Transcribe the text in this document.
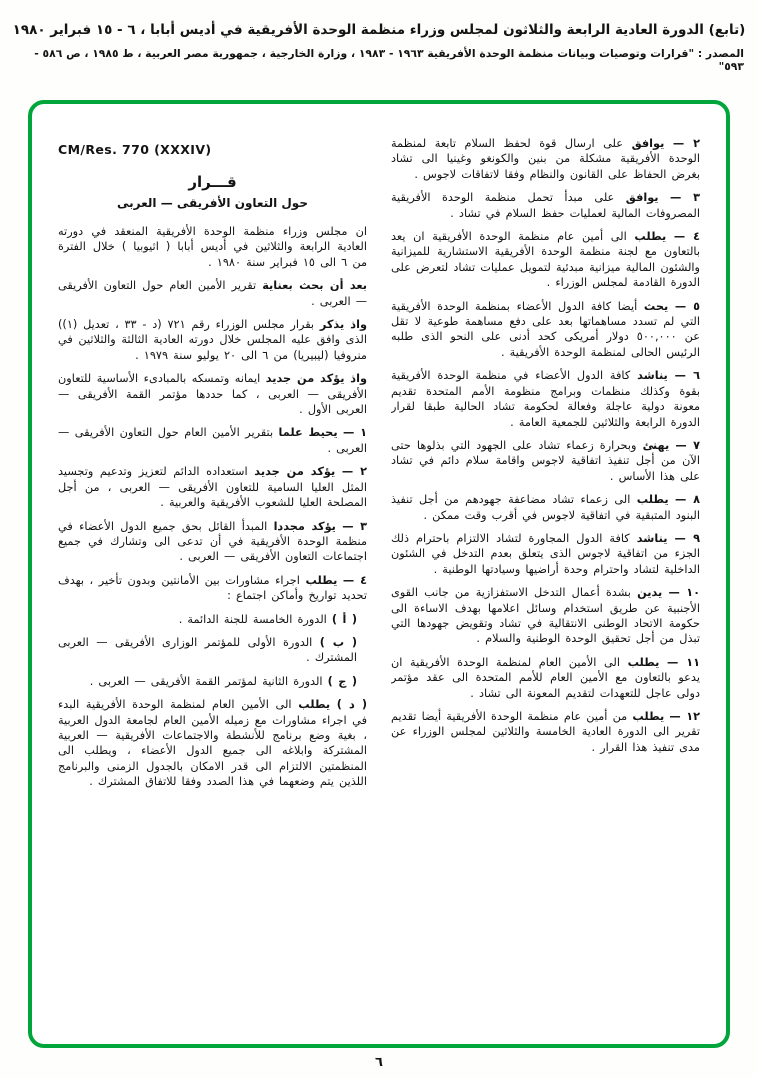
(تابع) الدورة العادية الرابعة والثلاثون لمجلس وزراء منظمة الوحدة الأفريقية في أديس أبابا ، ٦ - ١٥ فبراير ١٩٨٠
المصدر : "قرارات وتوصيات وبيانات منظمة الوحدة الأفريقية ١٩٦٣ - ١٩٨٣ ، وزارة الخارجية ، جمهورية مصر العربية ، ط ١٩٨٥ ، ص ٥٨٦ - ٥٩٣"

٢ — يوافق على ارسال قوة لحفظ السلام تابعة لمنظمة الوحدة الأفريقية مشكلة من بنين والكونغو وغينيا الى تشاد بغرض الحفاظ على القانون والنظام وفقا لاتفاقات لاجوس .

٣ — يوافق على مبدأ تحمل منظمة الوحدة الأفريقية المصروفات المالية لعمليات حفظ السلام في تشاد .

٤ — يطلب الى أمين عام منظمة الوحدة الأفريقية ان يعد بالتعاون مع لجنة منظمة الوحدة الأفريقية الاستشارية للميزانية والشئون المالية ميزانية مبدئية لتمويل عمليات تشاد لتعرض على الدورة القادمة لمجلس الوزراء .

٥ — يحث أيضا كافة الدول الأعضاء بمنظمة الوحدة الأفريقية التي لم تسدد مساهماتها بعد على دفع مساهمة طوعية لا تقل عن ٥٠٠,٠٠٠ دولار أمريكى كحد أدنى على النحو الذى طلبه الرئيس الحالى لمنظمة الوحدة الأفريقية .

٦ — يناشد كافة الدول الأعضاء في منظمة الوحدة الأفريقية بقوة وكذلك منظمات وبرامج منظومة الأمم المتحدة تقديم معونة دولية عاجلة وفعالة لحكومة تشاد الحالية طبقا لقرار الدورة الرابعة والثلاثين للجمعية العامة .

٧ — يهنئ وبحرارة زعماء تشاد على الجهود التي بذلوها حتى الآن من أجل تنفيذ اتفاقية لاجوس واقامة سلام دائم في تشاد على هذا الأساس .

٨ — يطلب الى زعماء تشاد مضاعفة جهودهم من أجل تنفيذ البنود المتبقية في اتفاقية لاجوس في أقرب وقت ممكن .

٩ — يناشد كافة الدول المجاورة لتشاد الالتزام باحترام ذلك الجزء من اتفاقية لاجوس الذى يتعلق بعدم التدخل في الشئون الداخلية لتشاد واحترام وحدة أراضيها وسيادتها الوطنية .

١٠ — يدين بشدة أعمال التدخل الاستفزازية من جانب القوى الأجنبية عن طريق استخدام وسائل اعلامها بهدف الاساءة الى حكومة الاتحاد الوطنى الانتقالية في تشاد وتقويض جهودها التي تبذل من أجل تحقيق الوحدة الوطنية والسلام .

١١ — يطلب الى الأمين العام لمنظمة الوحدة الأفريقية ان يدعو بالتعاون مع الأمين العام للأمم المتحدة الى عقد مؤتمر دولى عاجل للتعهدات لتقديم المعونة الى تشاد .

١٢ — يطلب من أمين عام منظمة الوحدة الأفريقية أيضا تقديم تقرير الى الدورة العادية الخامسة والثلاثين لمجلس الوزراء عن مدى تنفيذ هذا القرار .

CM/Res. 770 (XXXIV)
قـــرار
حول التعاون الأفريقى — العربى

ان مجلس وزراء منظمة الوحدة الأفريقية المنعقد في دورته العادية الرابعة والثلاثين في أديس أبابا ( اثيوبيا ) خلال الفترة من ٦ الى ١٥ فبراير سنة ١٩٨٠ .

بعد أن بحث بعناية تقرير الأمين العام حول التعاون الأفريقى — العربى .

واذ يذكر بقرار مجلس الوزراء رقم ٧٢١ (د - ٣٣ ، تعديل (١)) الذى وافق عليه المجلس خلال دورته العادية الثالثة والثلاثين في منروفيا (ليبيريا) من ٦ الى ٢٠ يوليو سنة ١٩٧٩ .

واذ يؤكد من جديد ايمانه وتمسكه بالمبادىء الأساسية للتعاون الأفريقى — العربى ، كما حددها مؤتمر القمة الأفريقى — العربى الأول .

١ — يحيط علما بتقرير الأمين العام حول التعاون الأفريقى — العربى .

٢ — يؤكد من جديد استعداده الدائم لتعزيز وتدعيم وتجسيد المثل العليا السامية للتعاون الأفريقى — العربى ، من أجل المصلحة العليا للشعوب الأفريقية والعربية .

٣ — يؤكد مجددا المبدأ القائل بحق جميع الدول الأعضاء في منظمة الوحدة الأفريقية في أن تدعى الى وتشارك في جميع اجتماعات التعاون الأفريقى — العربى .

٤ — يطلب اجراء مشاورات بين الأمانتين وبدون تأخير ، بهدف تحديد تواريخ وأماكن اجتماع :

( أ ) الدورة الخامسة للجنة الدائمة .

( ب ) الدورة الأولى للمؤتمر الوزارى الأفريقى — العربى المشترك .

( ج ) الدورة الثانية لمؤتمر القمة الأفريقى — العربى .

( د ) يطلب الى الأمين العام لمنظمة الوحدة الأفريقية البدء في اجراء مشاورات مع زميله الأمين العام لجامعة الدول العربية ، بغية وضع برنامج للأنشطة والاجتماعات الأفريقية — العربية المشتركة وابلاغه الى جميع الدول الأعضاء ، ويطلب الى المنظمتين الالتزام الى قدر الامكان بالجدول الزمنى والبرنامج اللذين يتم وضعهما في هذا الصدد وفقا للاتفاق المشترك .

٦
